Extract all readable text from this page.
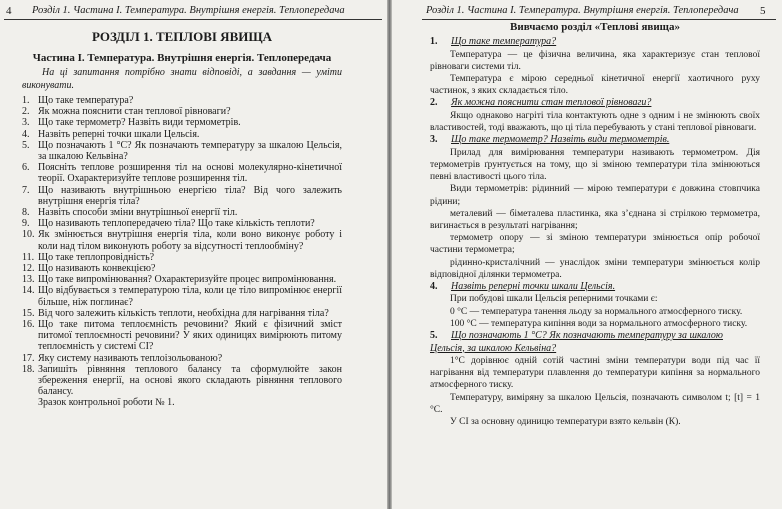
4 Розділ 1. Частина І. Температура. Внутрішня енергія. Теплопередача
РОЗДІЛ 1. ТЕПЛОВІ ЯВИЩА
Частина І. Температура. Внутрішня енергія. Теплопередача
На ці запитання потрібно знати відповіді, а завдання — уміти виконувати.
1. Що таке температура?
2. Як можна пояснити стан теплової рівноваги?
3. Що таке термометр? Назвіть види термометрів.
4. Назвіть реперні точки шкали Цельсія.
5. Що позначають 1 °С? Як позначають температуру за шкалою Цельсія, за шкалою Кельвіна?
6. Поясніть теплове розширення тіл на основі молекулярно-кінетичної теорії. Охарактеризуйте теплове розширення тіл.
7. Що називають внутрішньою енергією тіла? Від чого залежить внутрішня енергія тіла?
8. Назвіть способи зміни внутрішньої енергії тіл.
9. Що називають теплопередачею тіла? Що таке кількість теплоти?
10. Як змінюється внутрішня енергія тіла, коли воно виконує роботу і коли над тілом виконують роботу за відсутності теплообміну?
11. Що таке теплопровідність?
12. Що називають конвекцією?
13. Що таке випромінювання? Охарактеризуйте процес випромінювання.
14. Що відбувається з температурою тіла, коли це тіло випромінює енергії більше, ніж поглинає?
15. Від чого залежить кількість теплоти, необхідна для нагрівання тіла?
16. Що таке питома теплоємність речовини? Який є фізичний зміст питомої теплоємності речовини? У яких одиницях вимірюють питому теплоємність у системі СІ?
17. Яку систему називають теплоізольованою?
18. Запишіть рівняння теплового балансу та сформулюйте закон збереження енергії, на основі якого складають рівняння теплового балансу.
Зразок контрольної роботи № 1.
Розділ 1. Частина І. Температура. Внутрішня енергія. Теплопередача 5
Вивчаємо розділ «Теплові явища»
1. Що таке температура?
Температура — це фізична величина, яка характеризує стан теплової рівноваги системи тіл.
Температура є мірою середньої кінетичної енергії хаотичного руху частинок, з яких складається тіло.
2. Як можна пояснити стан теплової рівноваги?
Якщо однаково нагріті тіла контактують одне з одним і не змінюють своїх властивостей, тоді вважають, що ці тіла перебувають у стані теплової рівноваги.
3. Що таке термометр? Назвіть види термометрів.
Прилад для вимірювання температури називають термометром. Дія термометрів ґрунтується на тому, що зі зміною температури тіла змінюються певні властивості цього тіла.
Види термометрів: рідинний — мірою температури є довжина стовпчика рідини;
металевий — біметалева пластинка, яка з’єднана зі стрілкою термометра, вигинається в результаті нагрівання;
термометр опору — зі зміною температури змінюється опір робочої частини термометра;
рідинно-кристалічний — унаслідок зміни температури змінюється колір відповідної ділянки термометра.
4. Назвіть реперні точки шкали Цельсія.
При побудові шкали Цельсія реперними точками є:
0 °С — температура танення льоду за нормального атмосферного тиску.
100 °С — температура кипіння води за нормального атмосферного тиску.
5. Що позначають 1 °С? Як позначають температуру за шкалою Цельсія, за шкалою Кельвіна?
1°С дорівнює одній сотій частині зміни температури води під час її нагрівання від температури плавлення до температури кипіння за нормального атмосферного тиску.
Температуру, виміряну за шкалою Цельсія, позначають символом t; [t] = 1 °С.
У СІ за основну одиницю температури взято кельвін (К).
